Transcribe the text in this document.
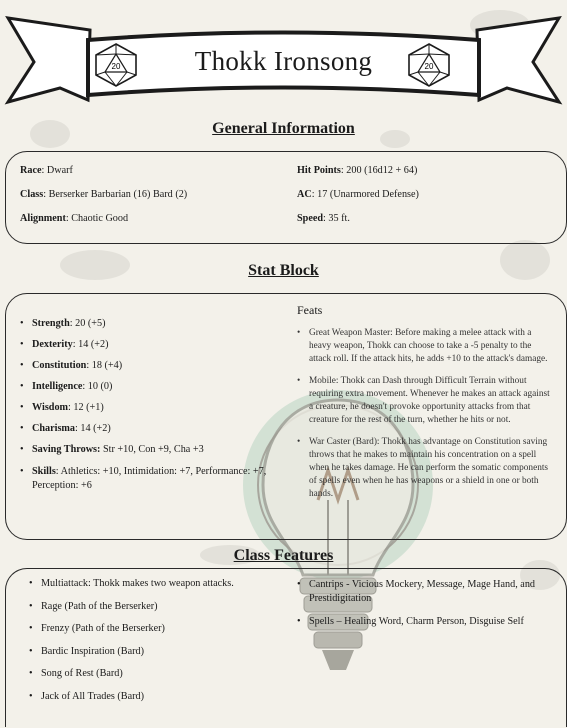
20	20
Thokk Ironsong
General Information
Race: Dwarf
Class: Berserker Barbarian (16) Bard (2)
Alignment: Chaotic Good
Hit Points: 200 (16d12 + 64)
AC: 17 (Unarmored Defense)
Speed: 35 ft.
Stat Block
• Strength: 20 (+5)
• Dexterity: 14 (+2)
• Constitution: 18 (+4)
• Intelligence: 10 (0)
• Wisdom: 12 (+1)
• Charisma: 14 (+2)
• Saving Throws: Str +10, Con +9, Cha +3
• Skills: Athletics: +10, Intimidation: +7, Performance: +7, Perception: +6
Feats
• Great Weapon Master: Before making a melee attack with a heavy weapon, Thokk can choose to take a -5 penalty to the attack roll. If the attack hits, he adds +10 to the attack's damage.
• Mobile: Thokk can Dash through Difficult Terrain without requiring extra movement. Whenever he makes an attack against a creature, he doesn't provoke opportunity attacks from that creature for the rest of the turn, whether he hits or not.
• War Caster (Bard): Thokk has advantage on Constitution saving throws that he makes to maintain his concentration on a spell when he takes damage. He can perform the somatic components of spells even when he has weapons or a shield in one or both hands.
Class Features
• Multiattack: Thokk makes two weapon attacks.
• Rage (Path of the Berserker)
• Frenzy (Path of the Berserker)
• Bardic Inspiration (Bard)
• Song of Rest (Bard)
• Jack of All Trades (Bard)
• Cantrips - Vicious Mockery, Message, Mage Hand, and Prestidigitation
• Spells – Healing Word, Charm Person, Disguise Self
